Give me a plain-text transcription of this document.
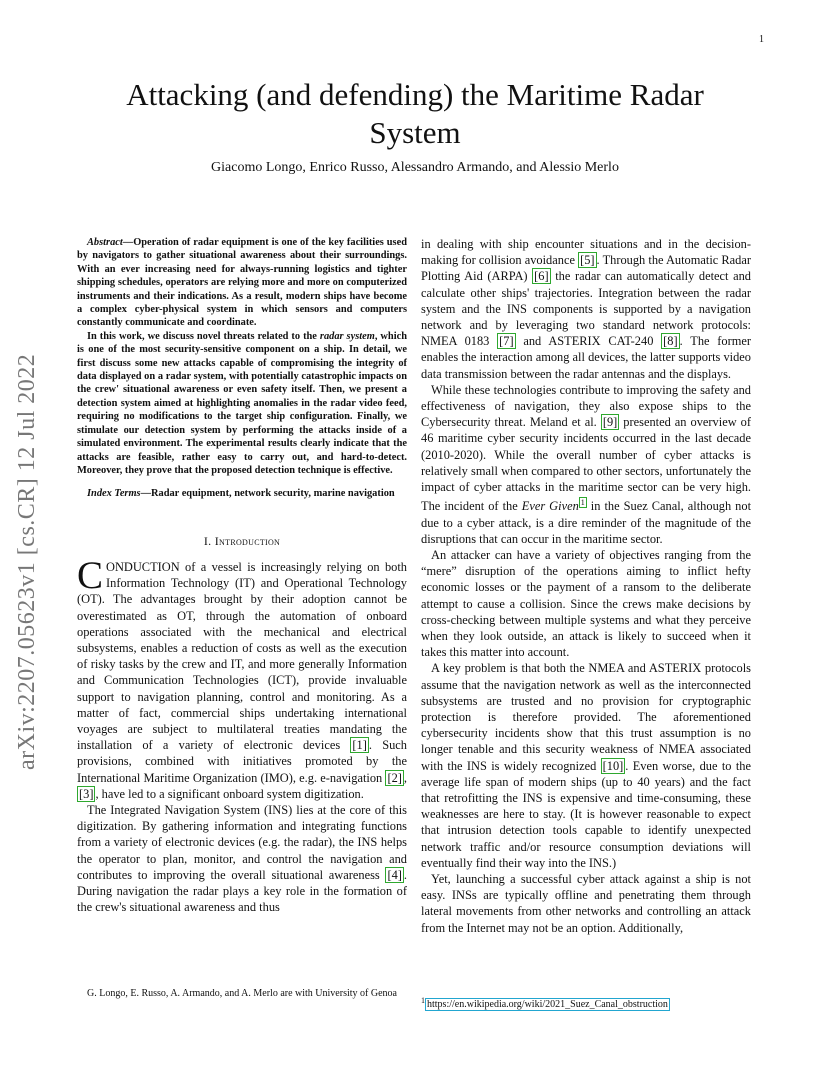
1
arXiv:2207.05623v1 [cs.CR] 12 Jul 2022
Attacking (and defending) the Maritime Radar System
Giacomo Longo, Enrico Russo, Alessandro Armando, and Alessio Merlo

Abstract—Operation of radar equipment is one of the key facilities used by navigators to gather situational awareness about their surroundings. With an ever increasing need for always-running logistics and tighter shipping schedules, operators are relying more and more on computerized instruments and their indications. As a result, modern ships have become a complex cyber-physical system in which sensors and computers constantly communicate and coordinate.

In this work, we discuss novel threats related to the radar system, which is one of the most security-sensitive component on a ship. In detail, we first discuss some new attacks capable of compromising the integrity of data displayed on a radar system, with potentially catastrophic impacts on the crew' situational awareness or even safety itself. Then, we present a detection system aimed at highlighting anomalies in the radar video feed, requiring no modifications to the target ship configuration. Finally, we stimulate our detection system by performing the attacks inside of a simulated environment. The experimental results clearly indicate that the attacks are feasible, rather easy to carry out, and hard-to-detect. Moreover, they prove that the proposed detection technique is effective.

Index Terms—Radar equipment, network security, marine navigation
I. Introduction

CONDUCTION of a vessel is increasingly relying on both Information Technology (IT) and Operational Technology (OT). The advantages brought by their adoption cannot be overestimated as OT, through the automation of onboard operations associated with the mechanical and electrical subsystems, enables a reduction of costs as well as the execution of risky tasks by the crew and IT, and more generally Information and Communication Technologies (ICT), provide invaluable support to navigation planning, control and monitoring. As a matter of fact, commercial ships undertaking international voyages are subject to multilateral treaties mandating the installation of a variety of electronic devices [1] . Such provisions, combined with initiatives promoted by the International Maritime Organization (IMO), e.g. e-navigation [2] , [3] , have led to a significant onboard system digitization.

The Integrated Navigation System (INS) lies at the core of this digitization. By gathering information and integrating functions from a variety of electronic devices (e.g. the radar), the INS helps the operator to plan, monitor, and control the navigation and contributes to improving the overall situational awareness [4] . During navigation the radar plays a key role in the formation of the crew's situational awareness and thus

in dealing with ship encounter situations and in the decision-making for collision avoidance [5] . Through the Automatic Radar Plotting Aid (ARPA) [6] the radar can automatically detect and calculate other ships' trajectories. Integration between the radar system and the INS components is supported by a navigation network and by leveraging two standard network protocols: NMEA 0183 [7] and ASTERIX CAT-240 [8] . The former enables the interaction among all devices, the latter supports video data transmission between the radar antennas and the displays.

While these technologies contribute to improving the safety and effectiveness of navigation, they also expose ships to the Cybersecurity threat. Meland et al. [9] presented an overview of 46 maritime cyber security incidents occurred in the last decade (2010-2020). While the overall number of cyber attacks is relatively small when compared to other sectors, unfortunately the impact of cyber attacks in the maritime sector can be very high. The incident of the Ever Given $^1$ in the Suez Canal, although not due to a cyber attack, is a dire reminder of the magnitude of the disruptions that can occur in the maritime sector.

An attacker can have a variety of objectives ranging from the “mere” disruption of the operations aiming to inflict hefty economic losses or the payment of a ransom to the deliberate attempt to cause a collision. Since the crews make decisions by cross-checking between multiple systems and what they perceive when they look outside, an attack is likely to succeed when it takes this matter into account.

A key problem is that both the NMEA and ASTERIX protocols assume that the navigation network as well as the interconnected subsystems are trusted and no provision for cryptographic protection is therefore provided. The aforementioned cybersecurity incidents show that this trust assumption is no longer tenable and this security weakness of NMEA associated with the INS is widely recognized [10] . Even worse, due to the average life span of modern ships (up to 40 years) and the fact that retrofitting the INS is expensive and time-consuming, these weaknesses are here to stay. (It is however reasonable to expect that intrusion detection tools capable to identify unexpected network traffic and/or resource consumption deviations will eventually find their way into the INS.)

Yet, launching a successful cyber attack against a ship is not easy. INSs are typically offline and penetrating them through lateral movements from other networks and controlling an attack from the Internet may not be an option. Additionally,

G. Longo, E. Russo, A. Armando, and A. Merlo are with University of Genoa
$^1$ https://en.wikipedia.org/wiki/2021_Suez_Canal_obstruction
